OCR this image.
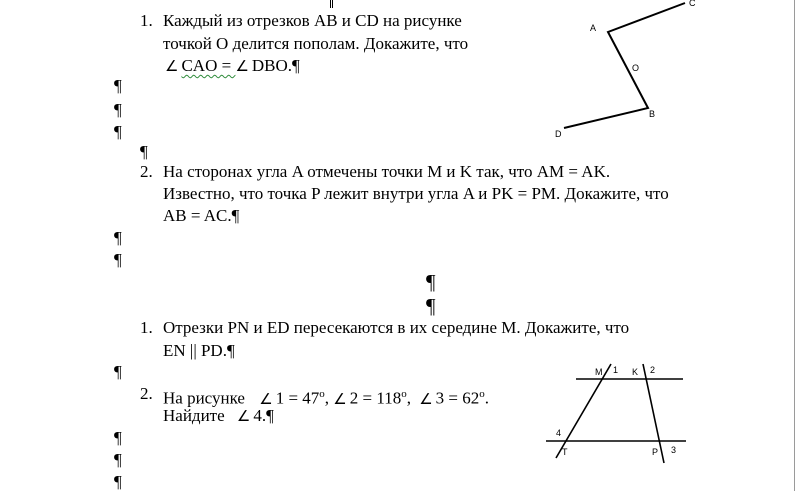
1. Каждый из отрезков AB и CD на рисунке
точкой O делится пополам. Докажите, что
∠ CAO = ∠ DBO.¶
¶
¶
¶
¶
2. На сторонах угла A отмечены точки M и K так, что AM = AK.
Известно, что точка P лежит внутри угла A и PK = PM. Докажите, что
AB = AC.¶
¶
¶
¶
¶
1. Отрезки PN и ED пересекаются в их середине M. Докажите, что
EN || PD.¶
¶
2. На рисунке ∠ $1 = 47^o$, ∠ $2 = 118^o$, ∠ $3 = 62^o$.
Найдите ∠ 4.¶
¶
¶
¶
A
C
O
B
D
M 1 K 2
4
T	P 3
